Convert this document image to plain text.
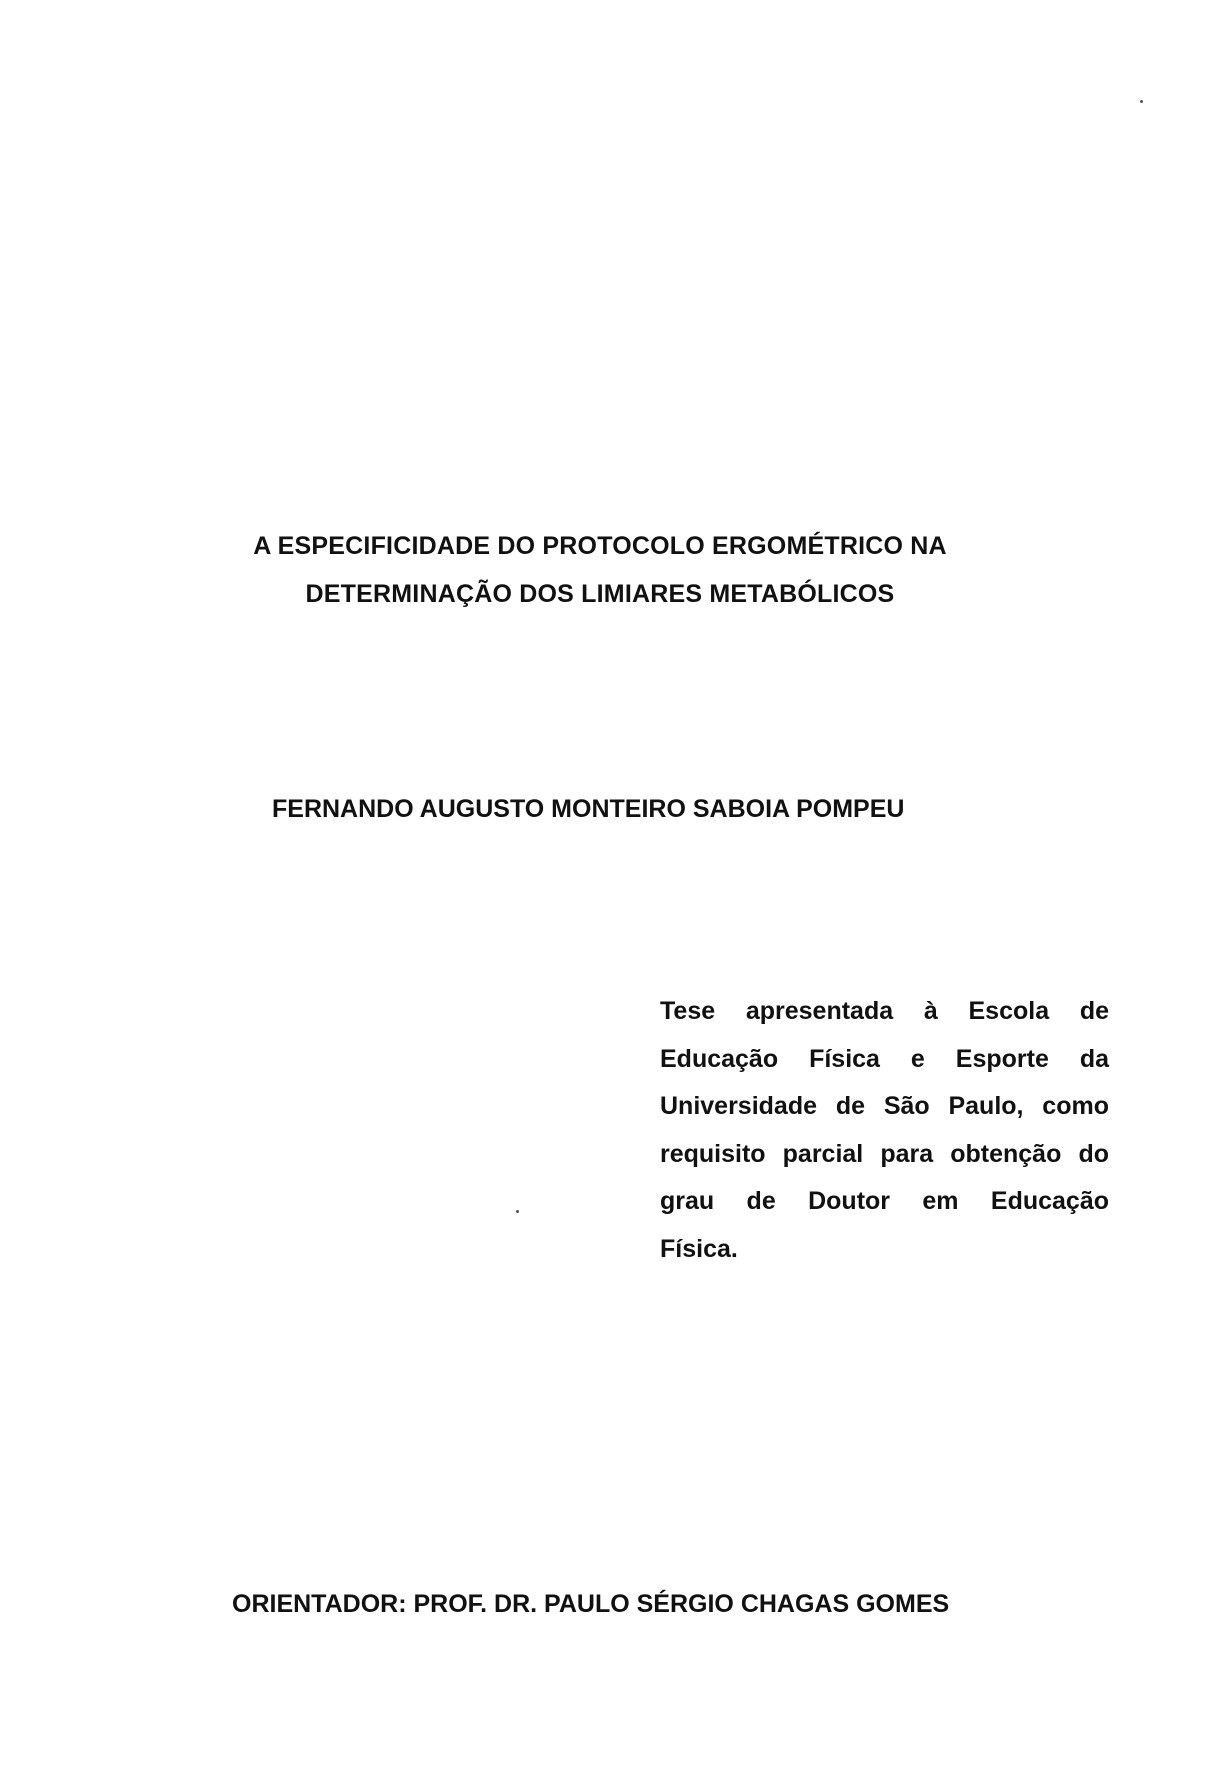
A ESPECIFICIDADE DO PROTOCOLO ERGOMÉTRICO NA
DETERMINAÇÃO DOS LIMIARES METABÓLICOS
FERNANDO AUGUSTO MONTEIRO SABOIA POMPEU
Tese apresentada à Escola de
Educação Física e Esporte da
Universidade de São Paulo, como
requisito parcial para obtenção do
grau de Doutor em Educação
Física.
ORIENTADOR: PROF. DR. PAULO SÉRGIO CHAGAS GOMES
